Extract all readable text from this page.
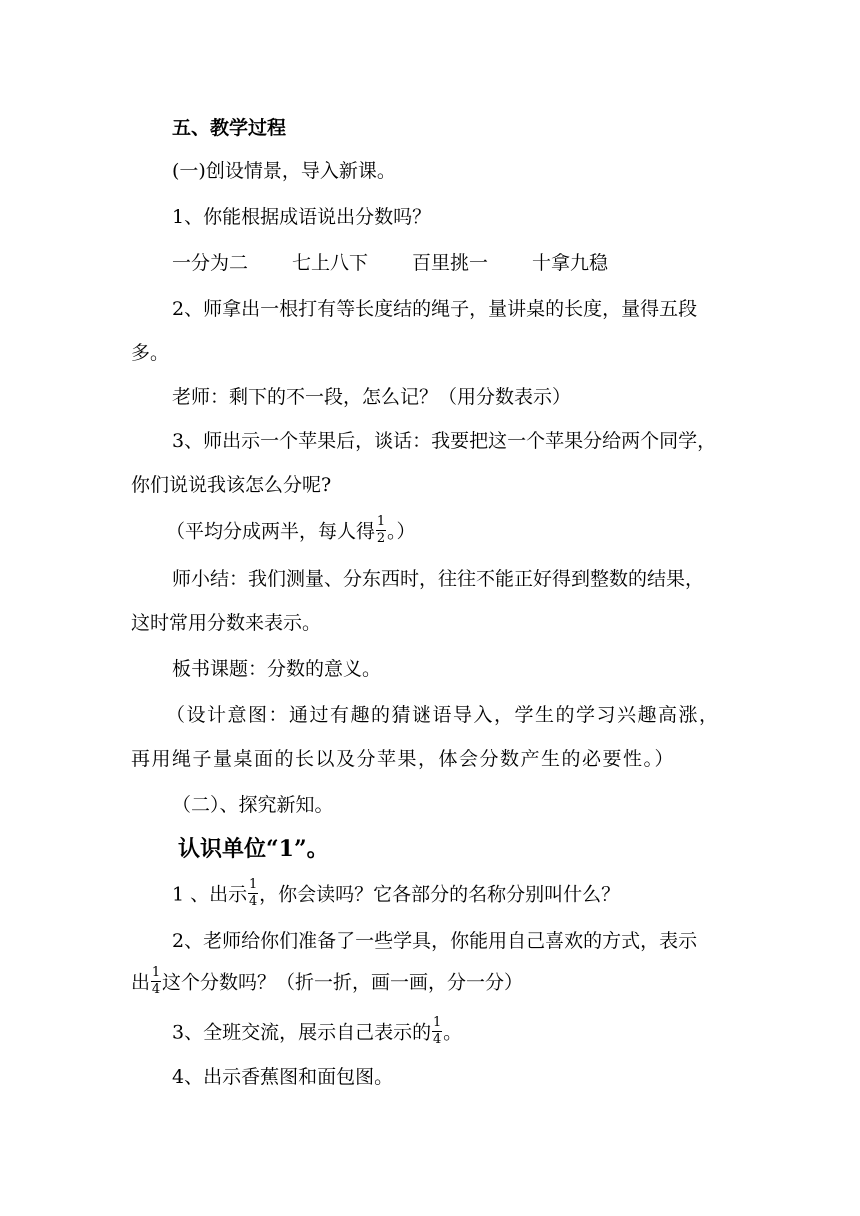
五、教学过程
(一)创设情景，导入新课。
1、你能根据成语说出分数吗？
一分为二 七上八下 百里挑一 十拿九稳
2、师拿出一根打有等长度结的绳子，量讲桌的长度，量得五段
多。
老师：剩下的不一段，怎么记？（用分数表示）
3、师出示一个苹果后，谈话：我要把这一个苹果分给两个同学，
你们说说我该怎么分呢?
（平均分成两半，每人得 $\frac{1}{2}$ 。）
师小结：我们测量、分东西时，往往不能正好得到整数的结果，
这时常用分数来表示。
板书课题：分数的意义。
（设计意图：通过有趣的猜谜语导入，学生的学习兴趣高涨，
再用绳子量桌面的长以及分苹果，体会分数产生的必要性。）
（二）、探究新知。
认识单位“1”。
1 、出示 $\frac{1}{4}$ ，你会读吗？它各部分的名称分别叫什么？
2、老师给你们准备了一些学具，你能用自己喜欢的方式，表示
出 $\frac{1}{4}$ 这个分数吗？（折一折，画一画，分一分）
3、全班交流，展示自己表示的 $\frac{1}{4}$ 。
4、出示香蕉图和面包图。
